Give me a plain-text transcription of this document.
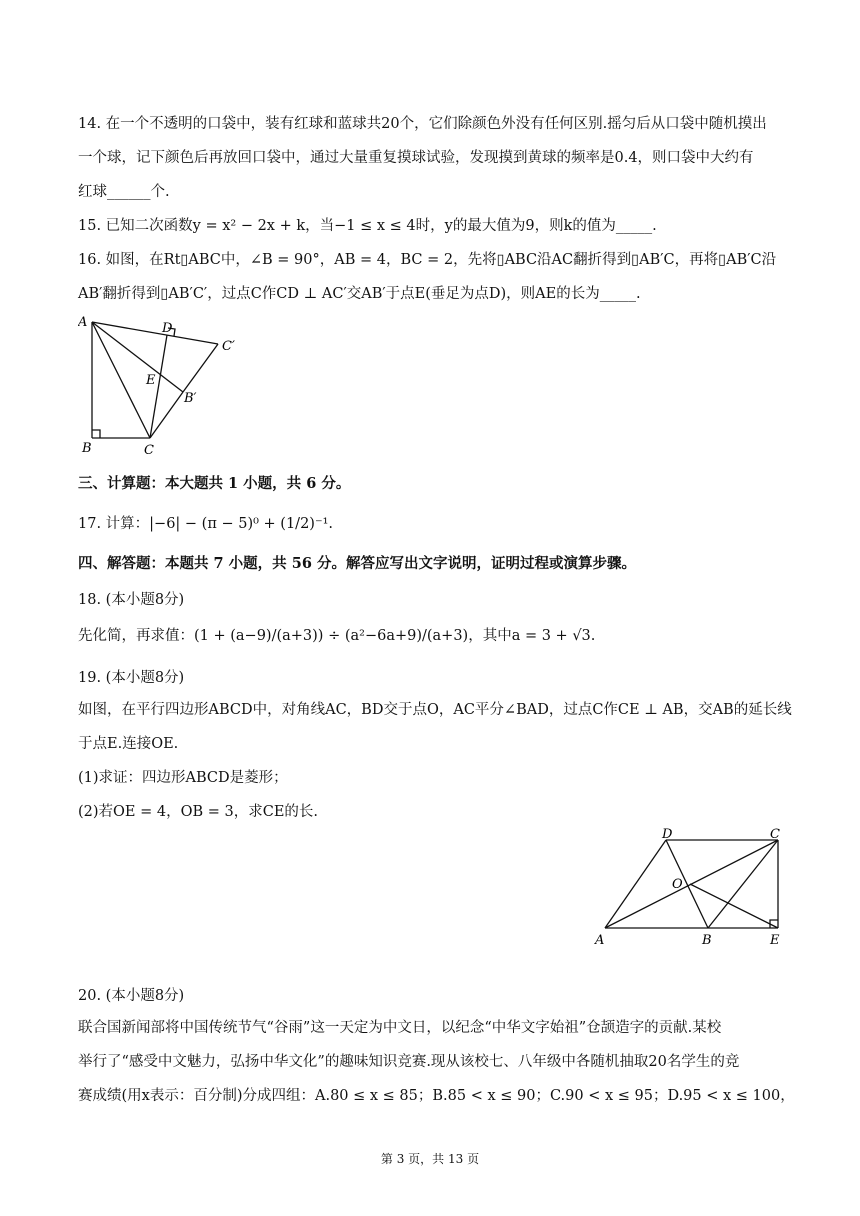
14. 在一个不透明的口袋中，装有红球和蓝球共20个，它们除颜色外没有任何区别.摇匀后从口袋中随机摸出
一个球，记下颜色后再放回口袋中，通过大量重复摸球试验，发现摸到黄球的频率是0.4，则口袋中大约有
红球______个.
15. 已知二次函数y = x² − 2x + k，当−1 ≤ x ≤ 4时，y的最大值为9，则k的值为_____.
16. 如图，在Rt▯ABC中，∠B = 90°，AB = 4，BC = 2，先将▯ABC沿AC翻折得到▯AB′C，再将▯AB′C沿
AB′翻折得到▯AB′C′，过点C作CD ⊥ AC′交AB′于点E(垂足为点D)，则AE的长为_____.
A
B	C
D
E
B′
C′
三、计算题：本大题共 1 小题，共 6 分。
17. 计算：|−6| − (π − 5)⁰ + (1/2)⁻¹.
四、解答题：本题共 7 小题，共 56 分。解答应写出文字说明，证明过程或演算步骤。
18. (本小题8分)
先化简，再求值：(1 + (a−9)/(a+3)) ÷ (a²−6a+9)/(a+3)，其中a = 3 + √3.
19. (本小题8分)
如图，在平行四边形ABCD中，对角线AC，BD交于点O，AC平分∠BAD，过点C作CE ⊥ AB，交AB的延长线
于点E.连接OE.
(1)求证：四边形ABCD是菱形；
(2)若OE = 4，OB = 3，求CE的长.
A	B
C
D
E
O
20. (本小题8分)
联合国新闻部将中国传统节气“谷雨”这一天定为中文日，以纪念“中华文字始祖”仓颉造字的贡献.某校
举行了“感受中文魅力，弘扬中华文化”的趣味知识竞赛.现从该校七、八年级中各随机抽取20名学生的竞
赛成绩(用x表示：百分制)分成四组：A.80 ≤ x ≤ 85；B.85 < x ≤ 90；C.90 < x ≤ 95；D.95 < x ≤ 100，
第 3 页，共 13 页
